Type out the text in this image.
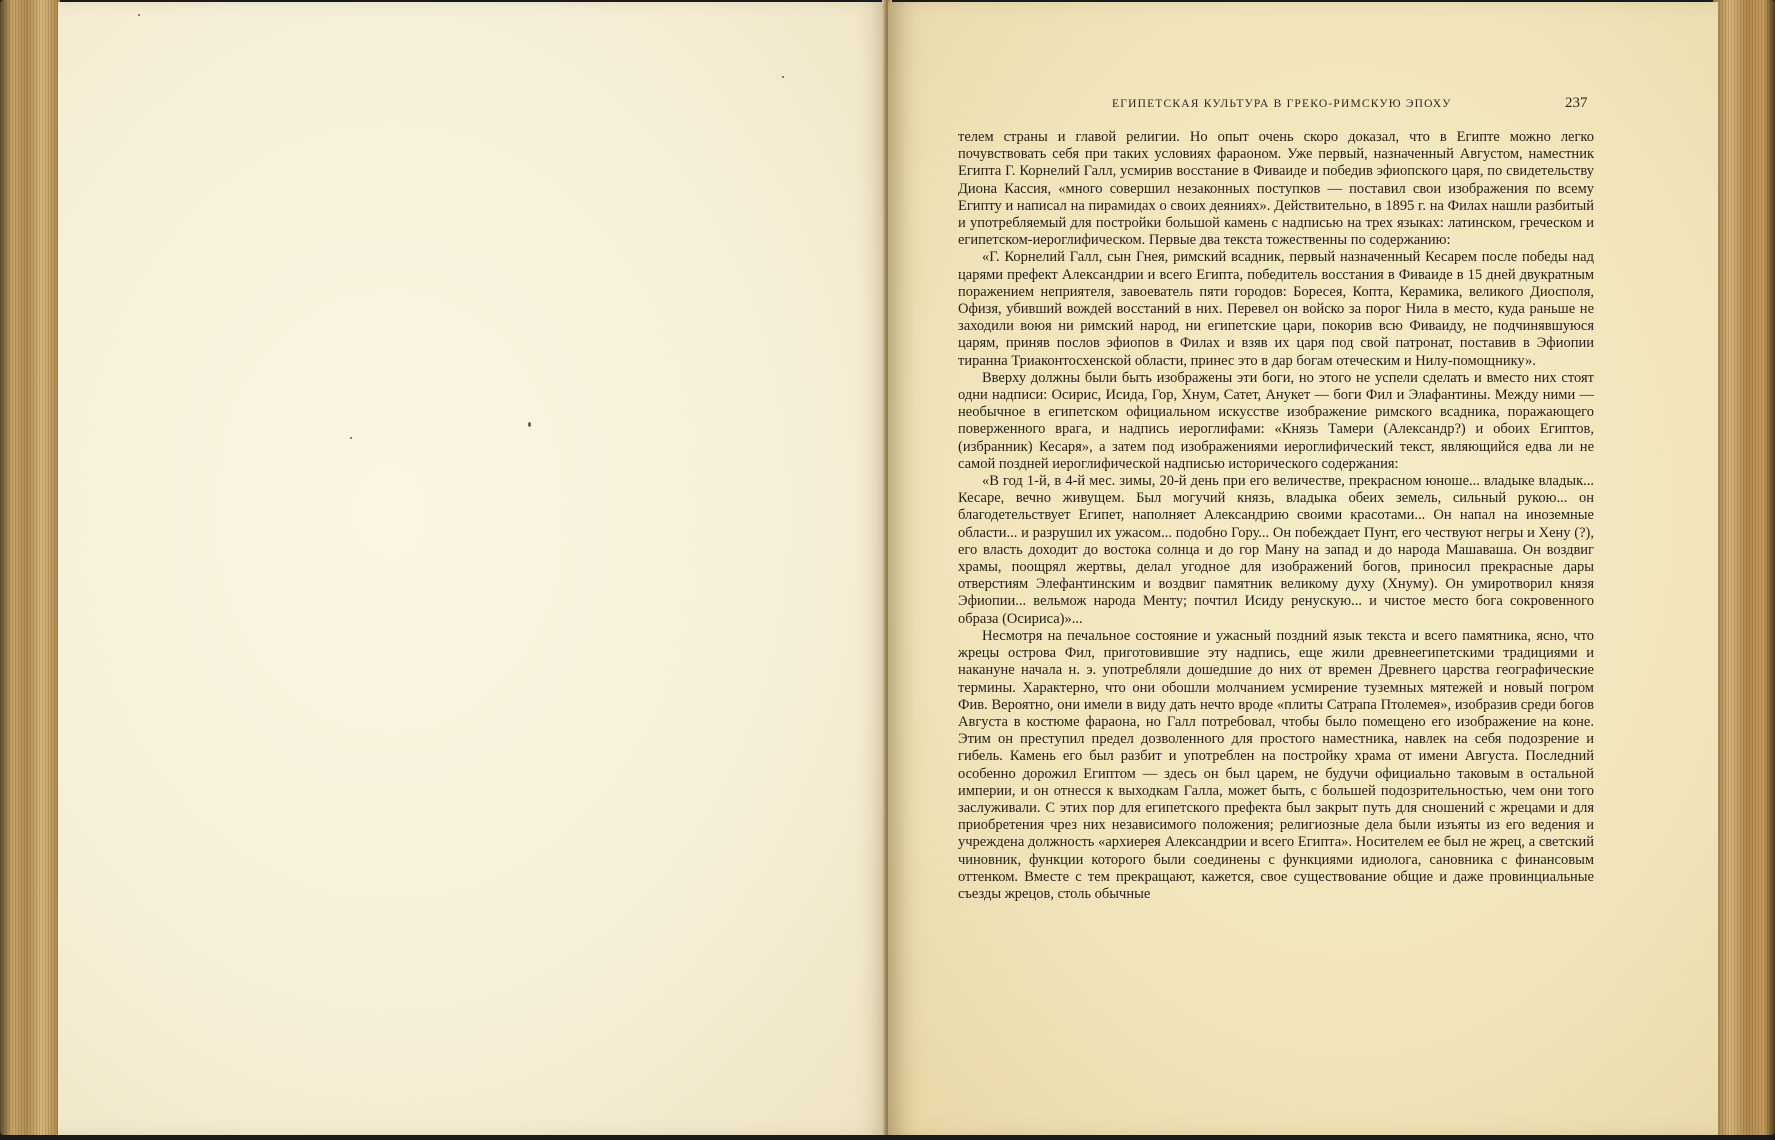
ЕГИПЕТСКАЯ КУЛЬТУРА В ГРЕКО-РИМСКУЮ ЭПОХУ	237

телем страны и главой религии. Но опыт очень скоро доказал, что в Египте можно легко почувствовать себя при таких условиях фараоном. Уже первый, назначенный Августом, наместник Египта Г. Корнелий Галл, усмирив восстание в Фиваиде и победив эфиопского царя, по свидетельству Диона Кассия, «много совершил незаконных поступков — поставил свои изображения по всему Египту и написал на пирамидах о своих деяниях». Действительно, в 1895 г. на Филах нашли разбитый и употребляемый для постройки большой камень с надписью на трех языках: латинском, греческом и египетском-иероглифическом. Первые два текста тожественны по содержанию:

«Г. Корнелий Галл, сын Гнея, римский всадник, первый назначенный Кесарем после победы над царями префект Александрии и всего Египта, победитель восстания в Фиваиде в 15 дней двукратным поражением неприятеля, завоеватель пяти городов: Боресея, Копта, Керамика, великого Диосполя, Офизя, убивший вождей восстаний в них. Перевел он войско за порог Нила в место, куда раньше не заходили воюя ни римский народ, ни египетские цари, покорив всю Фиваиду, не подчинявшуюся царям, приняв послов эфиопов в Филах и взяв их царя под свой патронат, поставив в Эфиопии тиранна Триаконтосхенской области, принес это в дар богам отеческим и Нилу-помощнику».

Вверху должны были быть изображены эти боги, но этого не успели сделать и вместо них стоят одни надписи: Осирис, Исида, Гор, Хнум, Сатет, Анукет — боги Фил и Элафантины. Между ними — необычное в египетском официальном искусстве изображение римского всадника, поражающего поверженного врага, и надпись иероглифами: «Князь Тамери (Александр?) и обоих Египтов, (избранник) Кесаря», а затем под изображениями иероглифический текст, являющийся едва ли не самой поздней иероглифической надписью исторического содержания:

«В год 1-й, в 4-й мес. зимы, 20-й день при его величестве, прекрасном юноше... владыке владык... Кесаре, вечно живущем. Был могучий князь, владыка обеих земель, сильный рукою... он благодетельствует Египет, наполняет Александрию своими красотами... Он напал на иноземные области... и разрушил их ужасом... подобно Гору... Он побеждает Пунт, его чествуют негры и Хену (?), его власть доходит до востока солнца и до гор Ману на запад и до народа Машаваша. Он воздвиг храмы, поощрял жертвы, делал угодное для изображений богов, приносил прекрасные дары отверстиям Элефантинским и воздвиг памятник великому духу (Хнуму). Он умиротворил князя Эфиопии... вельмож народа Менту; почтил Исиду ренускую... и чистое место бога сокровенного образа (Осириса)»...

Несмотря на печальное состояние и ужасный поздний язык текста и всего памятника, ясно, что жрецы острова Фил, приготовившие эту надпись, еще жили древнеегипетскими традициями и накануне начала н. э. употребляли дошедшие до них от времен Древнего царства географические термины. Характерно, что они обошли молчанием усмирение туземных мятежей и новый погром Фив. Вероятно, они имели в виду дать нечто вроде «плиты Сатрапа Птолемея», изобразив среди богов Августа в костюме фараона, но Галл потребовал, чтобы было помещено его изображение на коне. Этим он преступил предел дозволенного для простого наместника, навлек на себя подозрение и гибель. Камень его был разбит и употреблен на постройку храма от имени Августа. Последний особенно дорожил Египтом — здесь он был царем, не будучи официально таковым в остальной империи, и он отнесся к выходкам Галла, может быть, с большей подозрительностью, чем они того заслуживали. С этих пор для египетского префекта был закрыт путь для сношений с жрецами и для приобретения чрез них независимого положения; религиозные дела были изъяты из его ведения и учреждена должность «архиерея Александрии и всего Египта». Носителем ее был не жрец, а светский чиновник, функции которого были соединены с функциями идиолога, сановника с финансовым оттенком. Вместе с тем прекращают, кажется, свое существование общие и даже провинциальные съезды жрецов, столь обычные
